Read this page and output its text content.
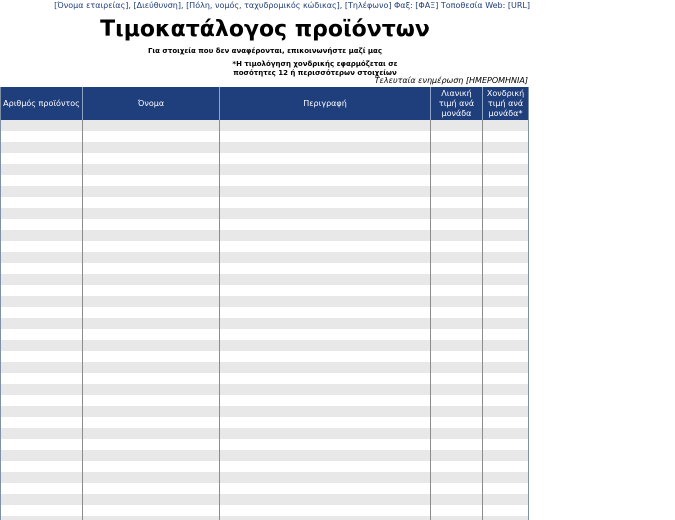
[Όνομα εταιρείας], [Διεύθυνση], [Πόλη, νομός, ταχυδρομικός κώδικας], [Τηλέφωνο] Φαξ: [ΦΑΞ] Τοποθεσία Web: [URL]
Τιμοκατάλογος προϊόντων
Για στοιχεία που δεν αναφέρονται, επικοινωνήστε μαζί μας
*Η τιμολόγηση χονδρικής εφαρμόζεται σε
ποσότητες 12 ή περισσότερων στοιχείων
Τελευταία ενημέρωση [ΗΜΕΡΟΜΗΝΙΑ]
Αριθμός προϊόντος	Όνομα	Περιγραφή
Λιανική τιμή ανά μονάδα
Χονδρική τιμή ανά μονάδα*
